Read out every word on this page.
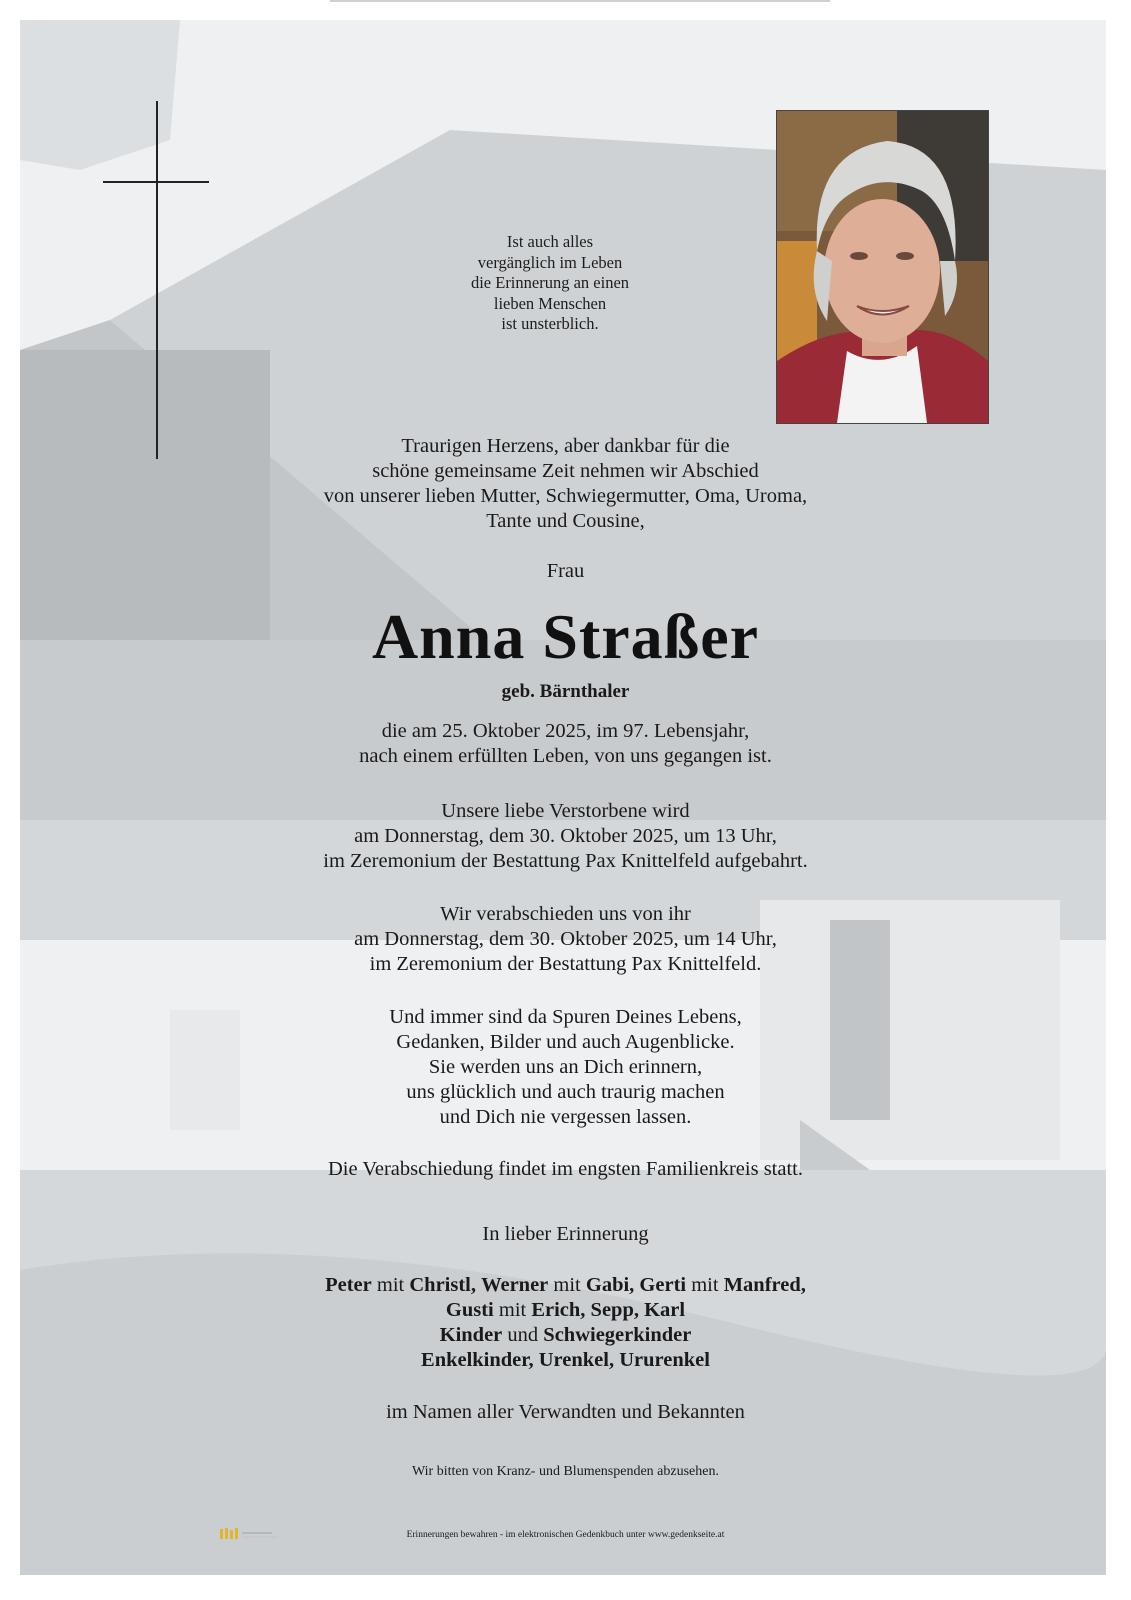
Ist auch alles
vergänglich im Leben
die Erinnerung an einen
lieben Menschen
ist unsterblich.
Traurigen Herzens, aber dankbar für die
schöne gemeinsame Zeit nehmen wir Abschied
von unserer lieben Mutter, Schwiegermutter, Oma, Uroma,
Tante und Cousine,
Frau
Anna Straßer
geb. Bärnthaler
die am 25. Oktober 2025, im 97. Lebensjahr,
nach einem erfüllten Leben, von uns gegangen ist.
Unsere liebe Verstorbene wird
am Donnerstag, dem 30. Oktober 2025, um 13 Uhr,
im Zeremonium der Bestattung Pax Knittelfeld aufgebahrt.
Wir verabschieden uns von ihr
am Donnerstag, dem 30. Oktober 2025, um 14 Uhr,
im Zeremonium der Bestattung Pax Knittelfeld.
Und immer sind da Spuren Deines Lebens,
Gedanken, Bilder und auch Augenblicke.
Sie werden uns an Dich erinnern,
uns glücklich und auch traurig machen
und Dich nie vergessen lassen.
Die Verabschiedung findet im engsten Familienkreis statt.
In lieber Erinnerung
Peter mit Christl, Werner mit Gabi, Gerti mit Manfred,
Gusti mit Erich, Sepp, Karl
Kinder und Schwiegerkinder
Enkelkinder, Urenkel, Ururenkel
im Namen aller Verwandten und Bekannten
Wir bitten von Kranz- und Blumenspenden abzusehen.
Erinnerungen bewahren - im elektronischen Gedenkbuch unter www.gedenkseite.at
